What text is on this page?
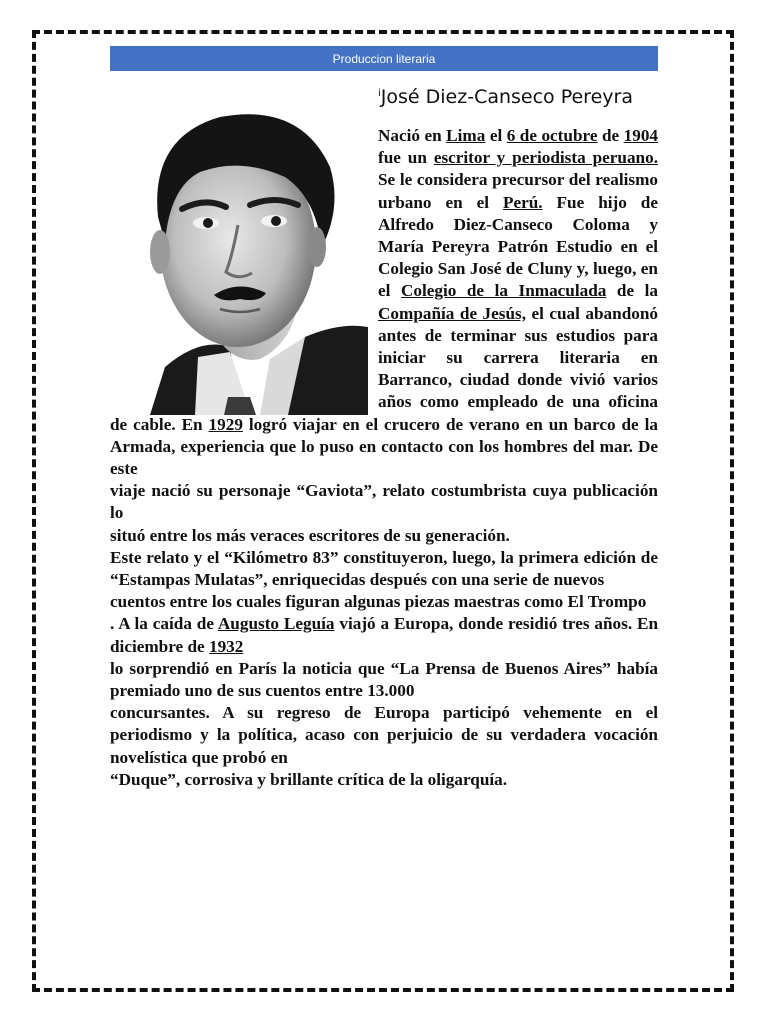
Produccion literaria
$^i$José Diez-Canseco Pereyra

Nació en Lima el 6 de octubre de 1904 fue un escritor y periodista peruano. Se le considera precursor del realismo urbano en el Perú. Fue hijo de Alfredo Diez-Canseco Coloma y María Pereyra Patrón Estudio en el Colegio San José de Cluny y, luego, en el Colegio de la Inmaculada de la Compañía de Jesús, el cual abandonó antes de terminar sus estudios para iniciar su carrera literaria en Barranco, ciudad donde vivió varios años como empleado de una oficina de cable. En 1929 logró viajar en el crucero de verano en un barco de la Armada, experiencia que lo puso en contacto con los hombres del mar. De este

viaje nació su personaje “Gaviota”, relato costumbrista cuya publicación lo

situó entre los más veraces escritores de su generación.

Este relato y el “Kilómetro 83” constituyeron, luego, la primera edición de “Estampas Mulatas”, enriquecidas después con una serie de nuevos

cuentos entre los cuales figuran algunas piezas maestras como El Trompo

. A la caída de Augusto Leguía viajó a Europa, donde residió tres años. En diciembre de 1932

lo sorprendió en París la noticia que “La Prensa de Buenos Aires” había premiado uno de sus cuentos entre 13.000

concursantes. A su regreso de Europa participó vehemente en el periodismo y la política, acaso con perjuicio de su verdadera vocación novelística que probó en

“Duque”, corrosiva y brillante crítica de la oligarquía.
